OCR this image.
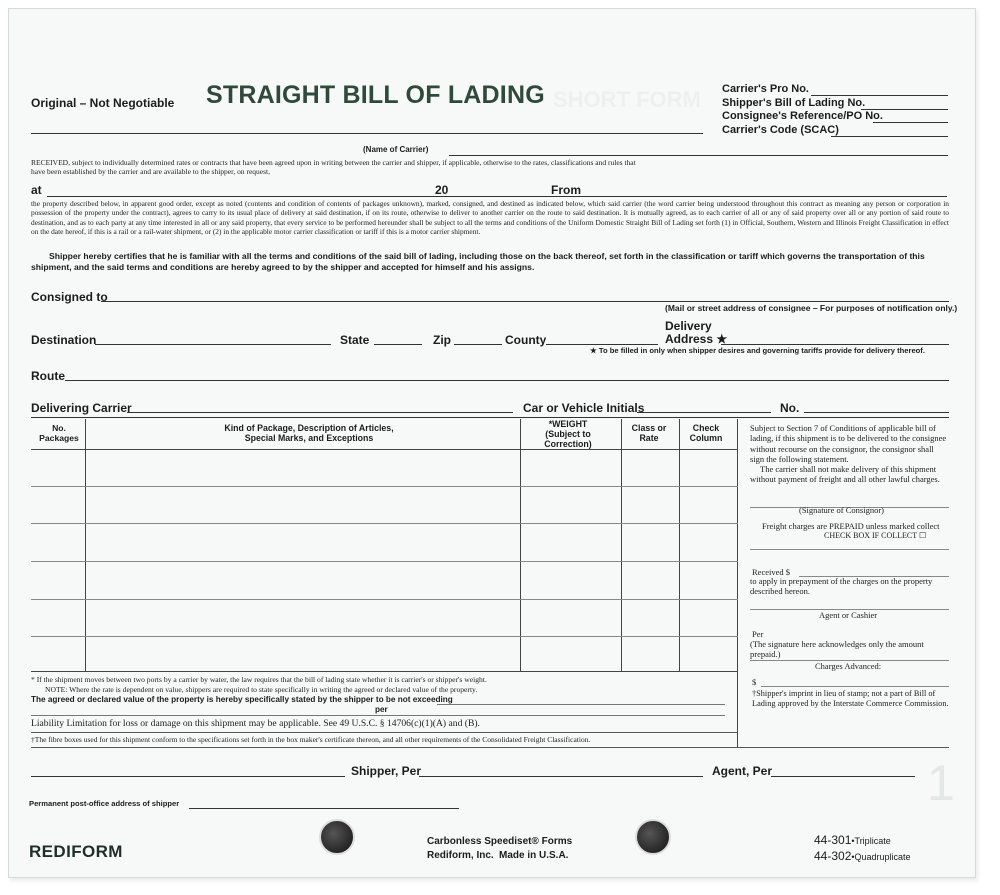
Original – Not Negotiable STRAIGHT BILL OF LADING SHORT FORM Carrier's Pro No.
Shipper's Bill of Lading No.
Consignee's Reference/PO No.
Carrier's Code (SCAC)
(Name of Carrier)
RECEIVED, subject to individually determined rates or contracts that have been agreed upon in writing between the carrier and shipper, if applicable, otherwise to the rates, classifications and rules that have been established by the carrier and are available to the shipper, on request,
at	20	From
the property described below, in apparent good order, except as noted (contents and condition of contents of packages unknown), marked, consigned, and destined as indicated below, which said carrier (the word carrier being understood throughout this contract as meaning any person or corporation in possession of the property under the contract), agrees to carry to its usual place of delivery at said destination, if on its route, otherwise to deliver to another carrier on the route to said destination. It is mutually agreed, as to each carrier of all or any of said property over all or any portion of said route to destination, and as to each party at any time interested in all or any said property, that every service to be performed hereunder shall be subject to all the terms and conditions of the Uniform Domestic Straight Bill of Lading set forth (1) in Official, Southern, Western and Illinois Freight Classification in effect on the date hereof, if this is a rail or a rail-water shipment, or (2) in the applicable motor carrier classification or tariff if this is a motor carrier shipment.
Shipper hereby certifies that he is familiar with all the terms and conditions of the said bill of lading, including those on the back thereof, set forth in the classification or tariff which governs the transportation of this shipment, and the said terms and conditions are hereby agreed to by the shipper and accepted for himself and his assigns.
Consigned to
(Mail or street address of consignee – For purposes of notification only.)
Destination	State	Zip	County
Delivery
Address ★
★ To be filled in only when shipper desires and governing tariffs provide for delivery thereof.
Route
Delivering Carrier	Car or Vehicle Initials	No.
No. Packages
Kind of Package, Description of Articles, Special Marks, and Exceptions
*WEIGHT (Subject to Correction)
Class or Rate
Check Column
Subject to Section 7 of Conditions of applicable bill of lading, if this shipment is to be delivered to the consignee without recourse on the consignor, the consignor shall sign the following statement.
The carrier shall not make delivery of this shipment without payment of freight and all other lawful charges.
(Signature of Consignor)
Freight charges are PREPAID unless marked collect
CHECK BOX IF COLLECT ☐
Received $
to apply in prepayment of the charges on the property described hereon.
Agent or Cashier
Per
(The signature here acknowledges only the amount prepaid.)
Charges Advanced:
$
†Shipper's imprint in lieu of stamp; not a part of Bill of Lading approved by the Interstate Commerce Commission.
* If the shipment moves between two ports by a carrier by water, the law requires that the bill of lading state whether it is carrier's or shipper's weight.
NOTE: Where the rate is dependent on value, shippers are required to state specifically in writing the agreed or declared value of the property.
The agreed or declared value of the property is hereby specifically stated by the shipper to be not exceeding
per
Liability Limitation for loss or damage on this shipment may be applicable. See 49 U.S.C. § 14706(c)(1)(A) and (B).
†The fibre boxes used for this shipment conform to the specifications set forth in the box maker's certificate thereon, and all other requirements of the Consolidated Freight Classification.
Shipper, Per	Agent, Per	1
Permanent post-office address of shipper
REDIFORM
Carbonless Speediset® Forms
Rediform, Inc. Made in U.S.A.
44-301•Triplicate
44-302•Quadruplicate
